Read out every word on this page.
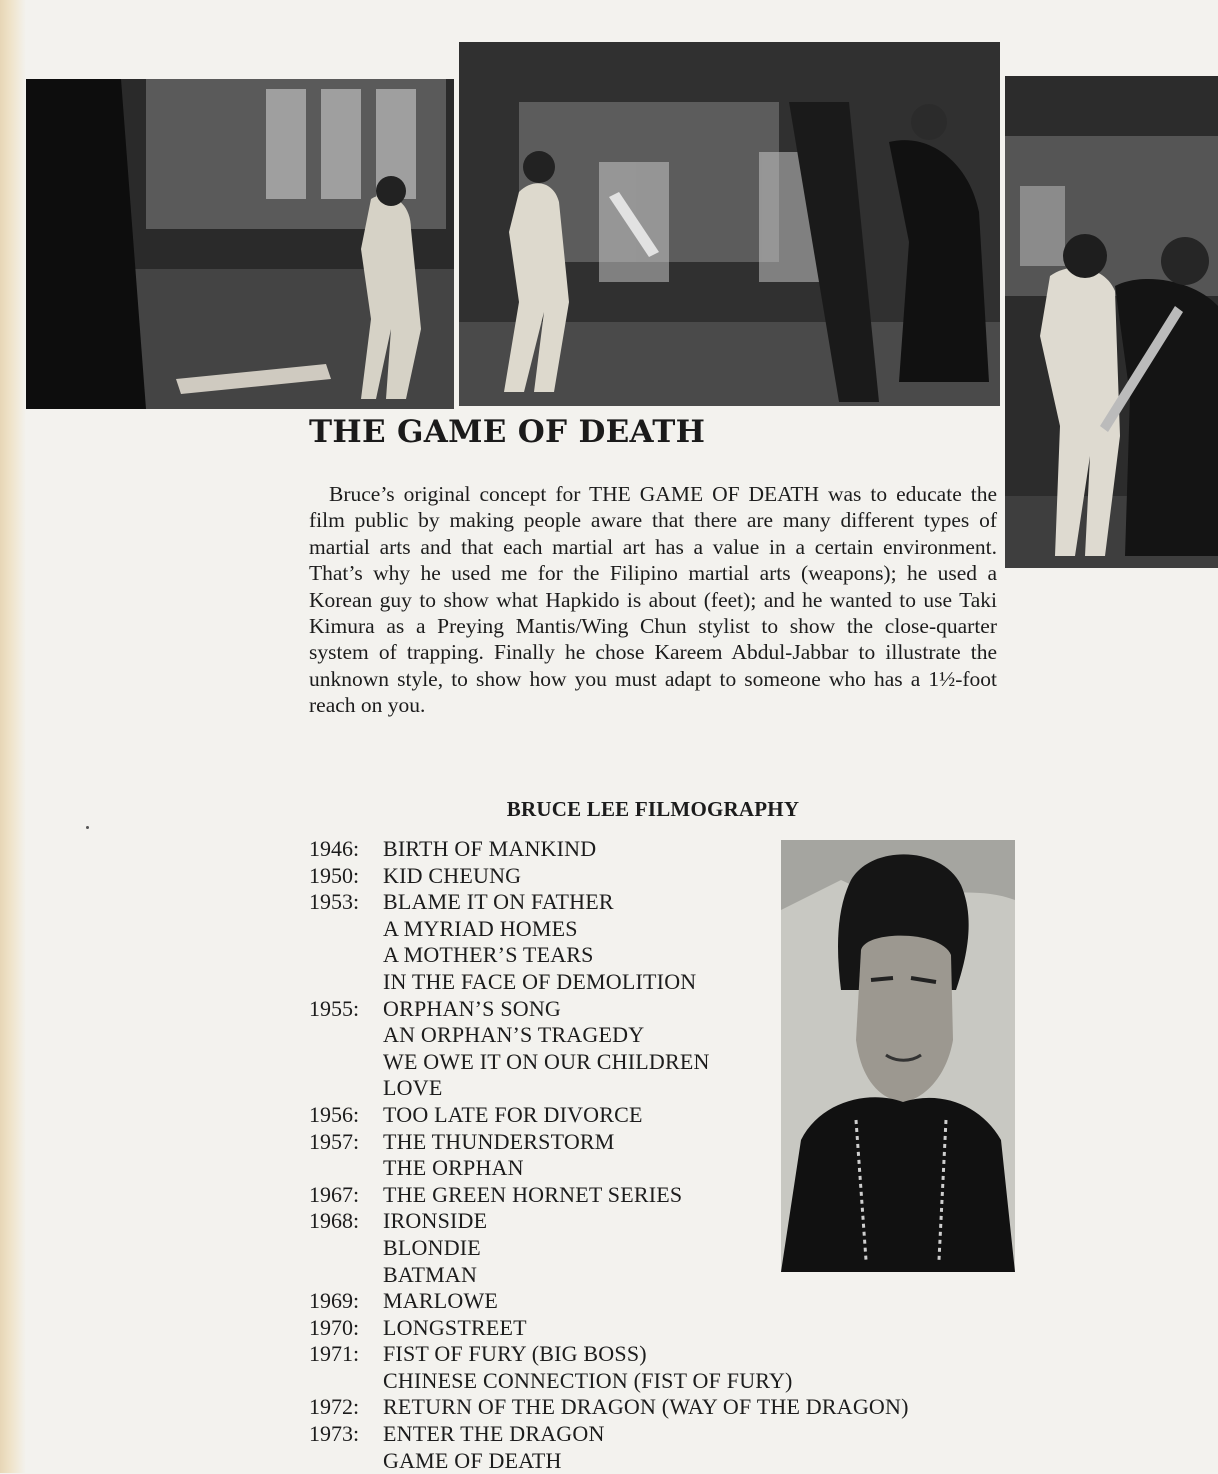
THE GAME OF DEATH

Bruce’s original concept for THE GAME OF DEATH was to educate the film public by making people aware that there are many different types of martial arts and that each martial art has a value in a certain environment. That’s why he used me for the Filipino martial arts (weapons); he used a Korean guy to show what Hapkido is about (feet); and he wanted to use Taki Kimura as a Preying Mantis/Wing Chun stylist to show the close-quarter system of trapping. Finally he chose Kareem Abdul-Jabbar to illustrate the unknown style, to show how you must adapt to someone who has a 1½-foot reach on you.

BRUCE LEE FILMOGRAPHY
1946:	BIRTH OF MANKIND
1950:	KID CHEUNG
1953:	BLAME IT ON FATHER
A MYRIAD HOMES
A MOTHER’S TEARS
IN THE FACE OF DEMOLITION
1955:	ORPHAN’S SONG
AN ORPHAN’S TRAGEDY
WE OWE IT ON OUR CHILDREN
LOVE
1956:	TOO LATE FOR DIVORCE
1957:	THE THUNDERSTORM
THE ORPHAN
1967:	THE GREEN HORNET SERIES
1968:	IRONSIDE
BLONDIE
BATMAN
1969:	MARLOWE
1970:	LONGSTREET
1971:	FIST OF FURY (BIG BOSS)
CHINESE CONNECTION (FIST OF FURY)
1972:	RETURN OF THE DRAGON (WAY OF THE DRAGON)
1973:	ENTER THE DRAGON
GAME OF DEATH
